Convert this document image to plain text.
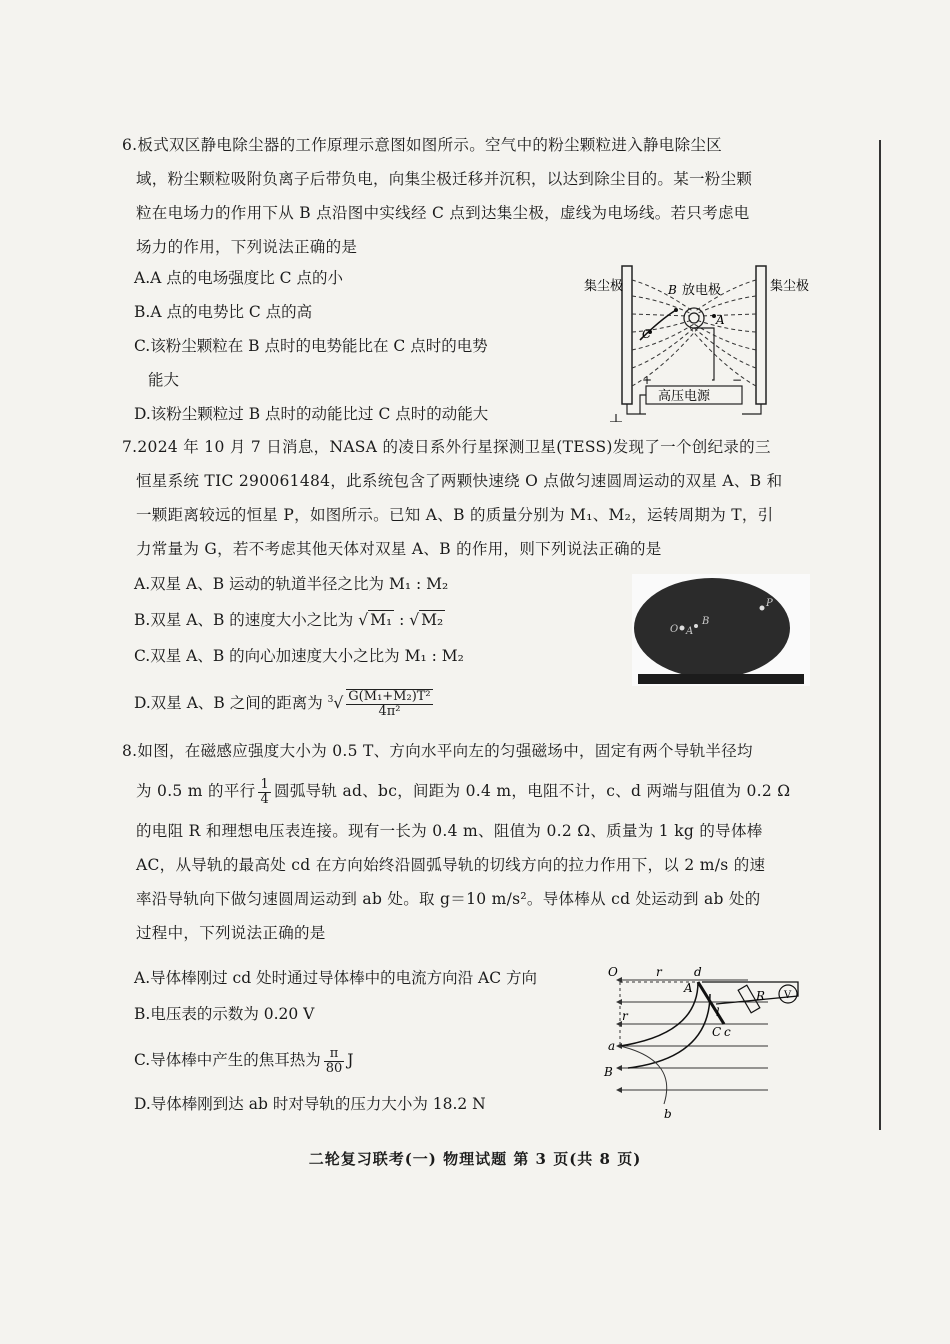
6.板式双区静电除尘器的工作原理示意图如图所示。空气中的粉尘颗粒进入静电除尘区

域，粉尘颗粒吸附负离子后带负电，向集尘极迁移并沉积，以达到除尘目的。某一粉尘颗

粒在电场力的作用下从 B 点沿图中实线经 C 点到达集尘极，虚线为电场线。若只考虑电

场力的作用，下列说法正确的是

A.A 点的电场强度比 C 点的小
B.A 点的电势比 C 点的高
C.该粉尘颗粒在 B 点时的电势能比在 C 点时的电势
能大
D.该粉尘颗粒过 B 点时的动能比过 C 点时的动能大
集尘极	集尘极
放电极
B
A
C
+	−
高压电源

7.2024 年 10 月 7 日消息，NASA 的凌日系外行星探测卫星(TESS)发现了一个创纪录的三

恒星系统 TIC 290061484，此系统包含了两颗快速绕 O 点做匀速圆周运动的双星 A、B 和

一颗距离较远的恒星 P，如图所示。已知 A、B 的质量分别为 M₁、M₂，运转周期为 T，引

力常量为 G，若不考虑其他天体对双星 A、B 的作用，则下列说法正确的是

A.双星 A、B 运动的轨道半径之比为 M₁ : M₂
B.双星 A、B 的速度大小之比为 √ M₁ : √ M₂
C.双星 A、B 的向心加速度大小之比为 M₁ : M₂
D.双星 A、B 之间的距离为 $^3√ \frac{\text{G(M₁+M₂)T²}}{\text{4π²}}$
O A
B
P

8.如图，在磁感应强度大小为 0.5 T、方向水平向左的匀强磁场中，固定有两个导轨半径均

为 0.5 m 的平行 $\frac{1}{4}$ 圆弧导轨 ad、bc，间距为 0.4 m，电阻不计，c、d 两端与阻值为 0.2 Ω

的电阻 R 和理想电压表连接。现有一长为 0.4 m、阻值为 0.2 Ω、质量为 1 kg 的导体棒

AC，从导轨的最高处 cd 在方向始终沿圆弧导轨的切线方向的拉力作用下，以 2 m/s 的速

率沿导轨向下做匀速圆周运动到 ab 处。取 g＝10 m/s²。导体棒从 cd 处运动到 ab 处的

过程中，下列说法正确的是

A.导体棒刚过 cd 处时通过导体棒中的电流方向沿 AC 方向
B.电压表的示数为 0.20 V
C.导体棒中产生的焦耳热为 $\frac{\pi}{80}$ J
D.导体棒刚到达 ab 时对导轨的压力大小为 18.2 N
O	r	d
A
R V
r	l
C c
a
B
b
二轮复习联考(一) 物理试题 第 3 页(共 8 页)
